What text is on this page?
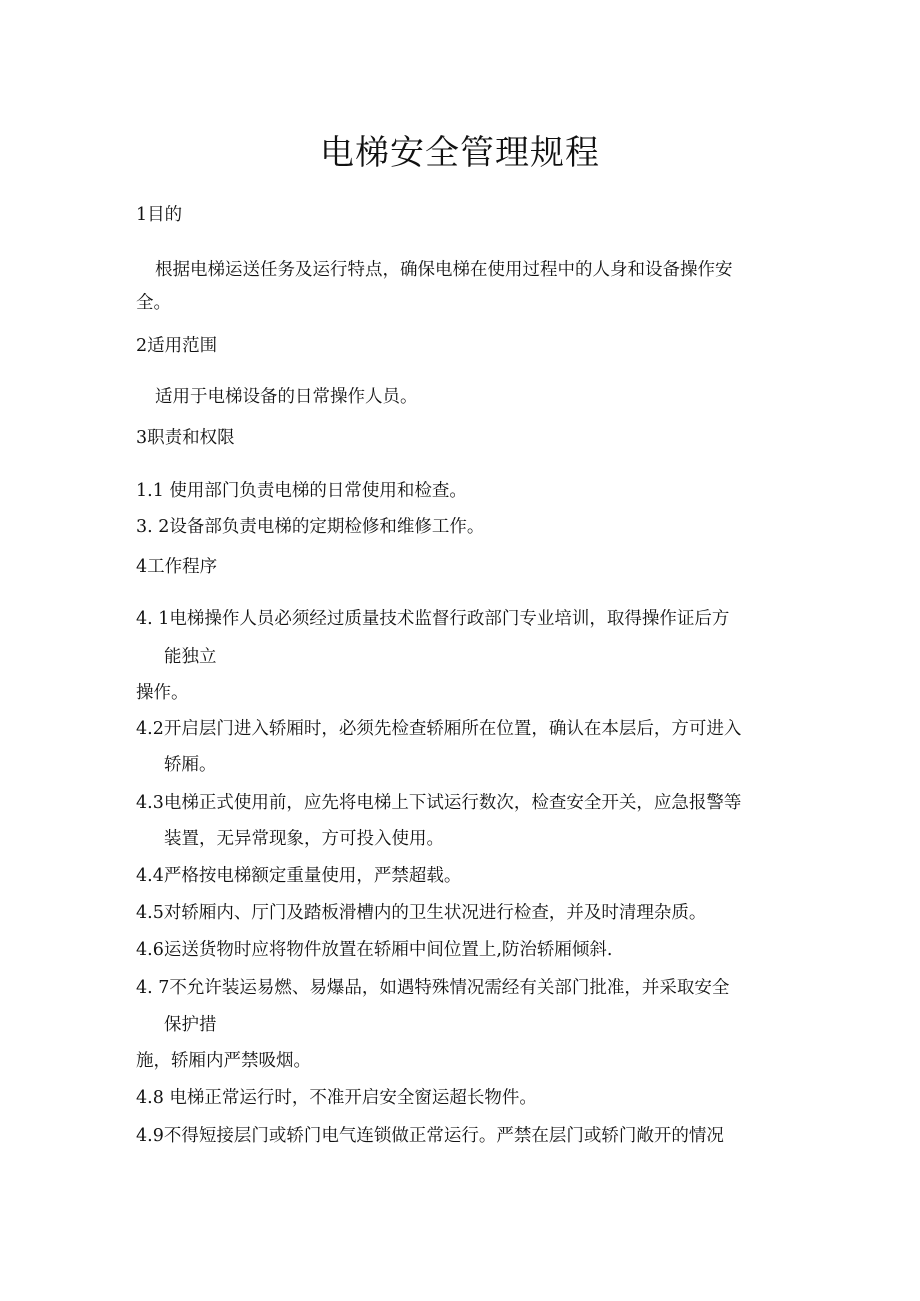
电梯安全管理规程
1目的
根据电梯运送任务及运行特点，确保电梯在使用过程中的人身和设备操作安
全。
2适用范围
适用于电梯设备的日常操作人员。
3职责和权限
1.1 使用部门负责电梯的日常使用和检查。
3. 2设备部负责电梯的定期检修和维修工作。
4工作程序
4. 1电梯操作人员必须经过质量技术监督行政部门专业培训，取得操作证后方
能独立
操作。
4.2开启层门进入轿厢时，必须先检查轿厢所在位置，确认在本层后，方可进入
轿厢。
4.3电梯正式使用前，应先将电梯上下试运行数次，检查安全开关，应急报警等
装置，无异常现象，方可投入使用。
4.4严格按电梯额定重量使用，严禁超载。
4.5对轿厢内、厅门及踏板滑槽内的卫生状况进行检查，并及时清理杂质。
4.6运送货物时应将物件放置在轿厢中间位置上,防治轿厢倾斜.
4. 7不允许装运易燃、易爆品，如遇特殊情况需经有关部门批准，并采取安全
保护措
施，轿厢内严禁吸烟。
4.8 电梯正常运行时，不准开启安全窗运超长物件。
4.9不得短接层门或轿门电气连锁做正常运行。严禁在层门或轿门敞开的情况
